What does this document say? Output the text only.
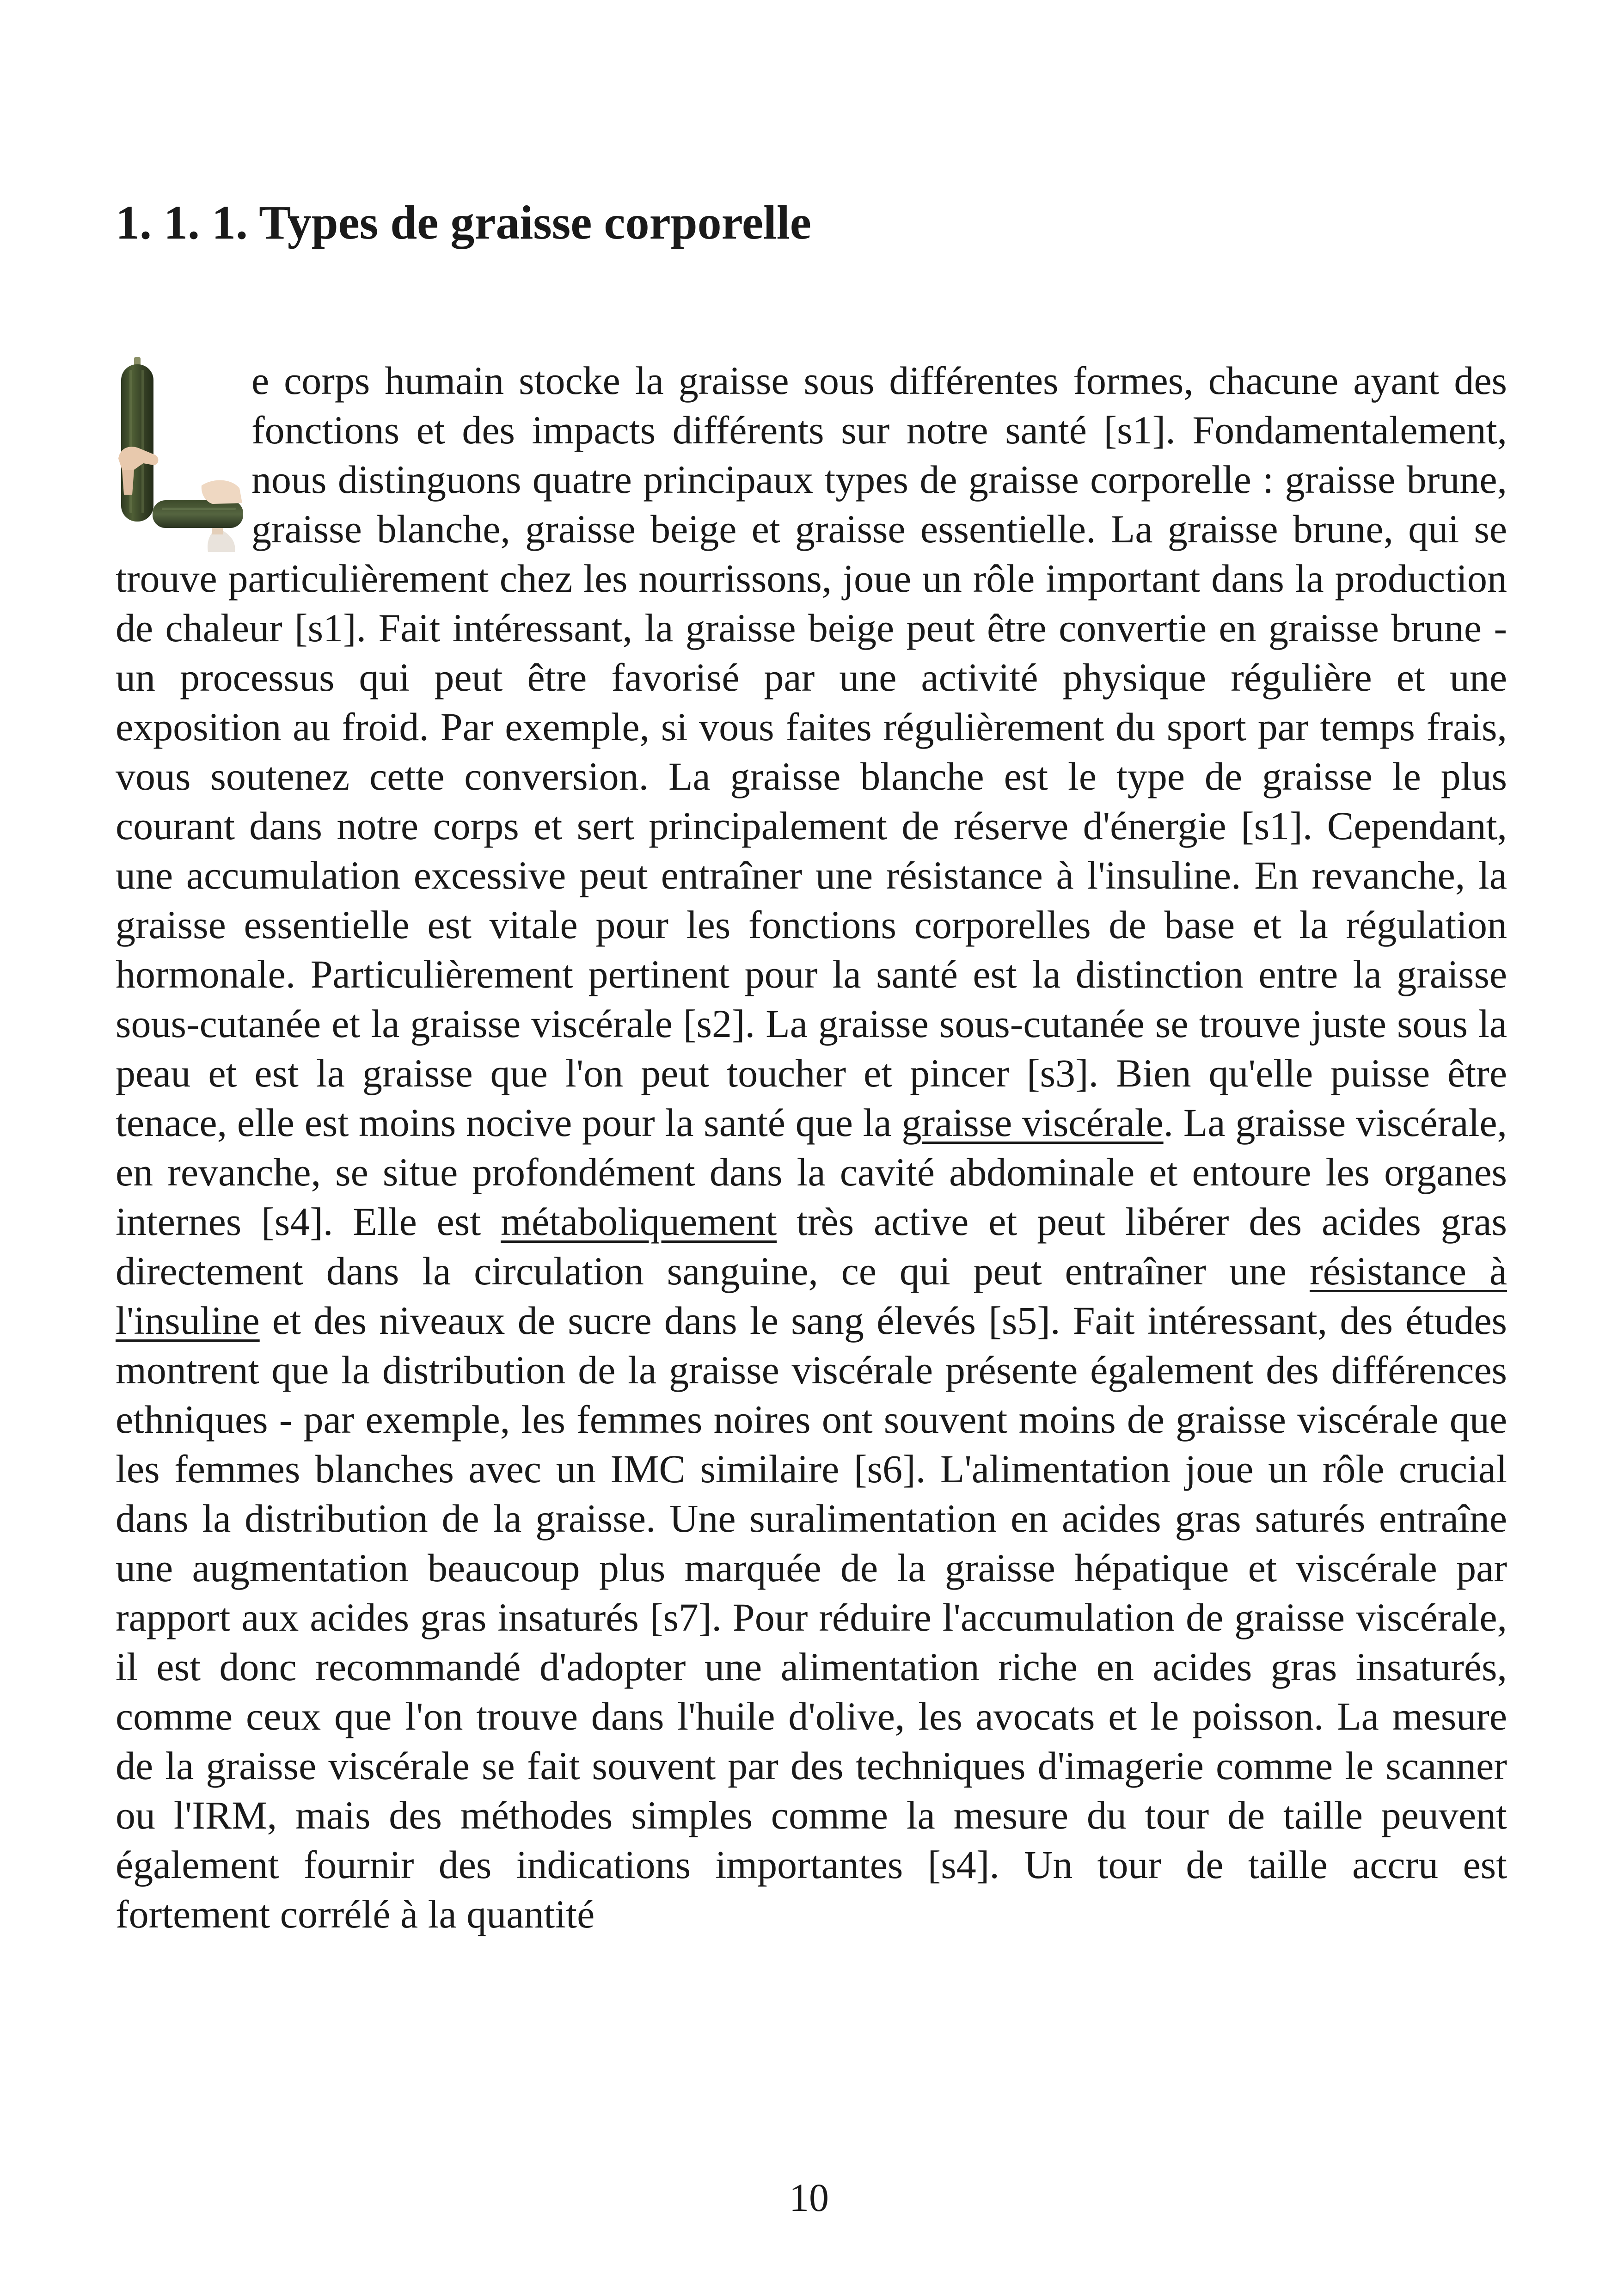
1. 1. 1. Types de graisse corporelle

e corps humain stocke la graisse sous différentes formes, chacune ayant des fonctions et des impacts différents sur notre santé [s1]. Fondamentalement, nous distinguons quatre principaux types de graisse corporelle : graisse brune, graisse blanche, graisse beige et graisse essentielle. La graisse brune, qui se trouve particulièrement chez les nourrissons, joue un rôle important dans la production de chaleur [s1]. Fait intéressant, la graisse beige peut être convertie en graisse brune - un processus qui peut être favorisé par une activité physique régulière et une exposition au froid. Par exemple, si vous faites régulièrement du sport par temps frais, vous soutenez cette conversion. La graisse blanche est le type de graisse le plus courant dans notre corps et sert principalement de réserve d'énergie [s1]. Cependant, une accumulation excessive peut entraîner une résistance à l'insuline. En revanche, la graisse essentielle est vitale pour les fonctions corporelles de base et la régulation hormonale. Particulièrement pertinent pour la santé est la distinction entre la graisse sous-cutanée et la graisse viscérale [s2]. La graisse sous-cutanée se trouve juste sous la peau et est la graisse que l'on peut toucher et pincer [s3]. Bien qu'elle puisse être tenace, elle est moins nocive pour la santé que la graisse viscérale. La graisse viscérale, en revanche, se situe profondément dans la cavité abdominale et entoure les organes internes [s4]. Elle est métaboliquement très active et peut libérer des acides gras directement dans la circulation sanguine, ce qui peut entraîner une résistance à l'insuline et des niveaux de sucre dans le sang élevés [s5]. Fait intéressant, des études montrent que la distribution de la graisse viscérale présente également des différences ethniques - par exemple, les femmes noires ont souvent moins de graisse viscérale que les femmes blanches avec un IMC similaire [s6]. L'alimentation joue un rôle crucial dans la distribution de la graisse. Une suralimentation en acides gras saturés entraîne une augmentation beaucoup plus marquée de la graisse hépatique et viscérale par rapport aux acides gras insaturés [s7]. Pour réduire l'accumulation de graisse viscérale, il est donc recommandé d'adopter une alimentation riche en acides gras insaturés, comme ceux que l'on trouve dans l'huile d'olive, les avocats et le poisson. La mesure de la graisse viscérale se fait souvent par des techniques d'imagerie comme le scanner ou l'IRM, mais des méthodes simples comme la mesure du tour de taille peuvent également fournir des indications importantes [s4]. Un tour de taille accru est fortement corrélé à la quantité

10
